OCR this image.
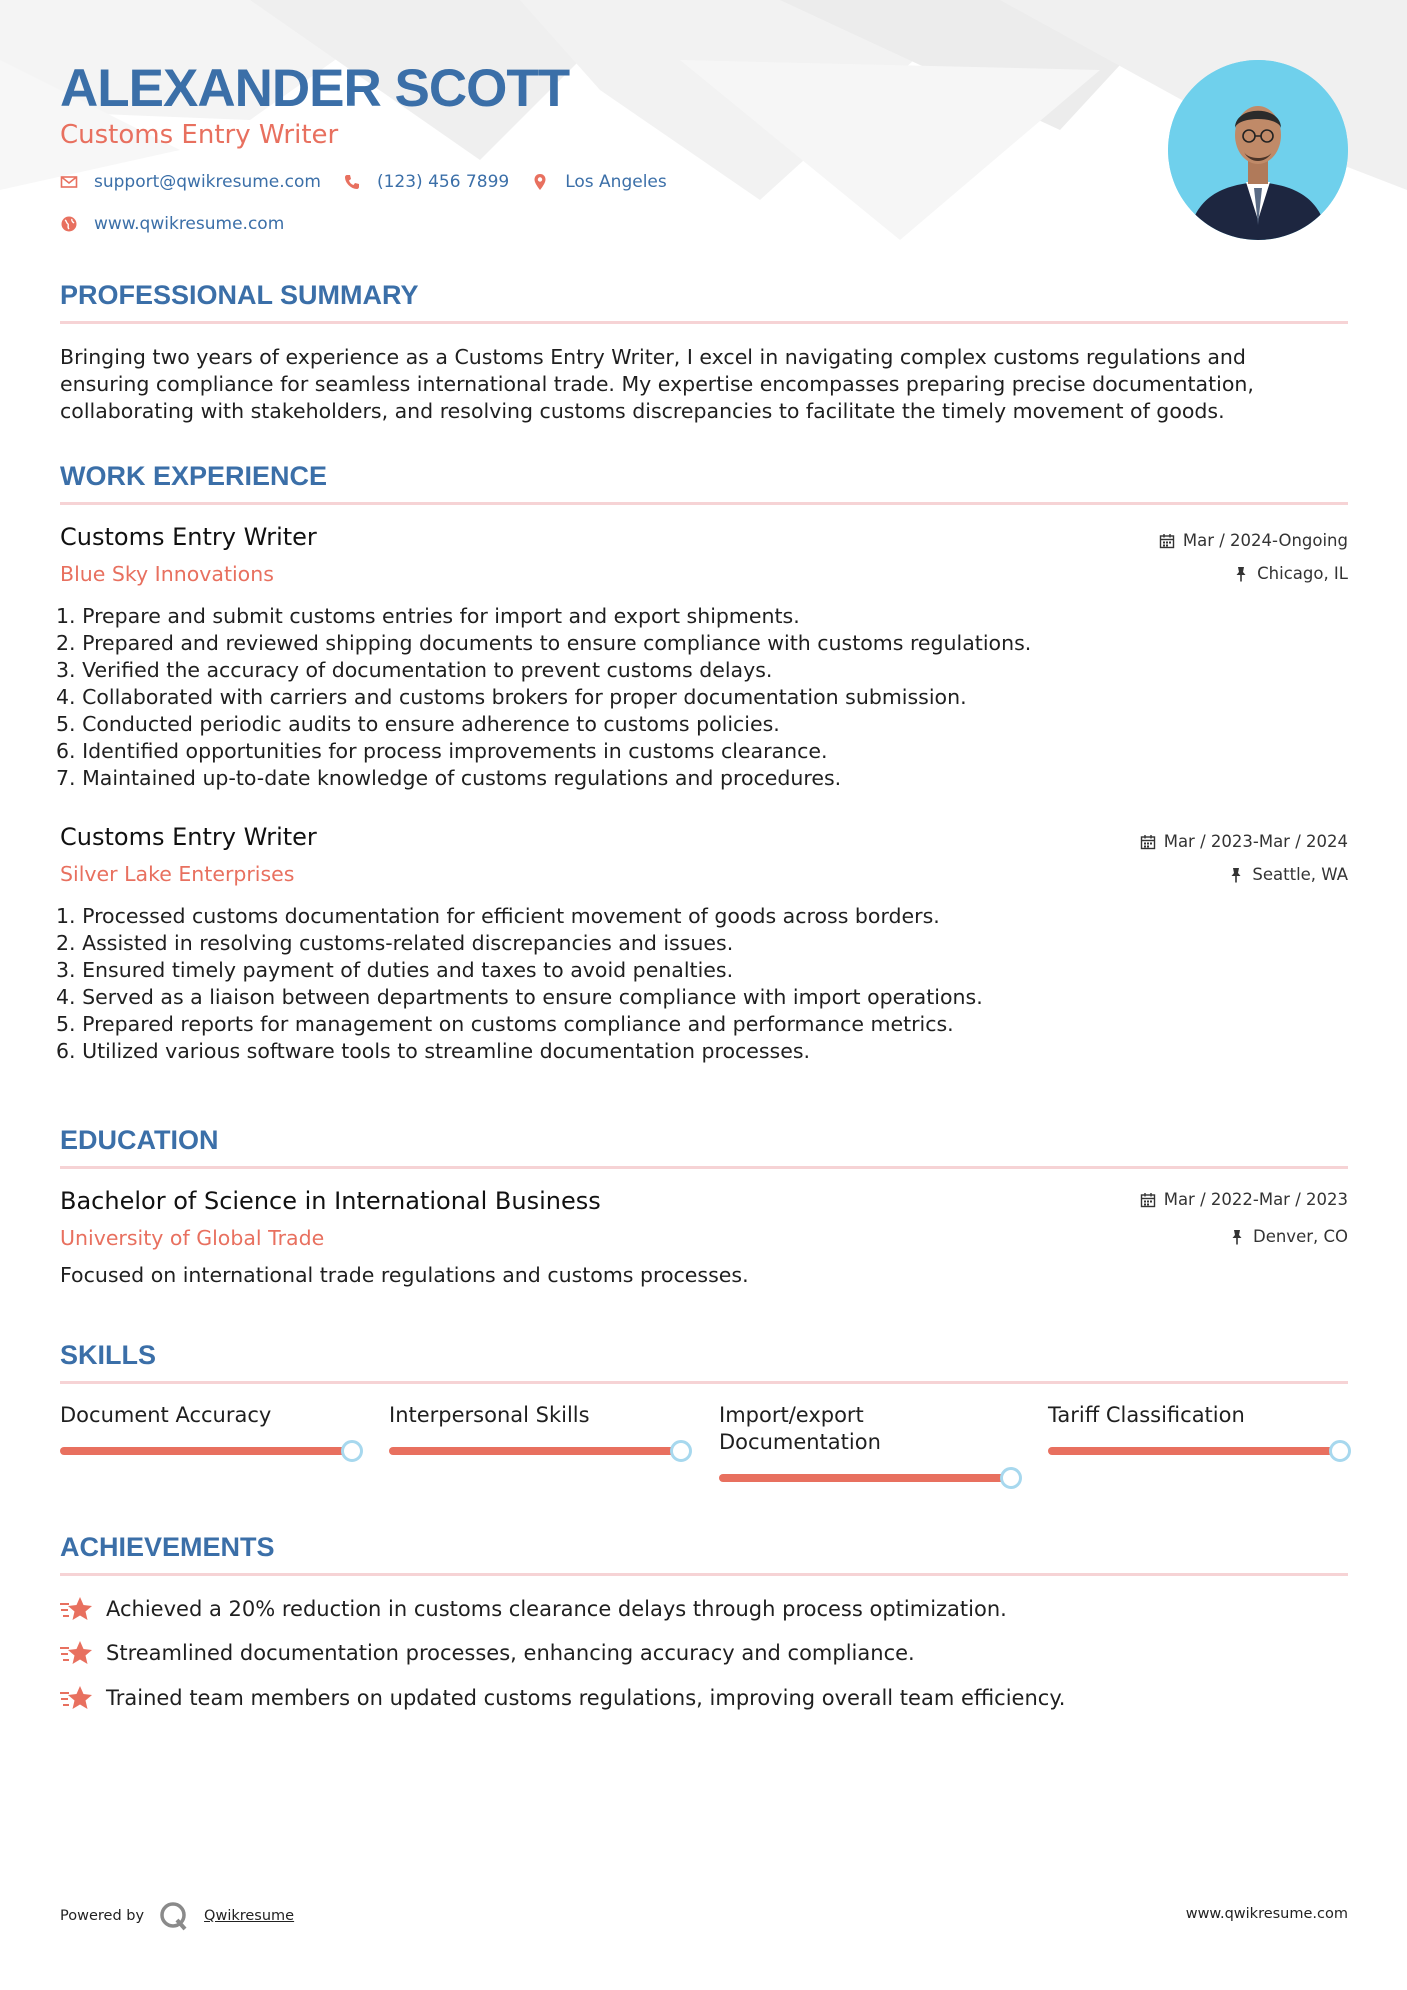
ALEXANDER SCOTT
Customs Entry Writer
support@qwikresume.com	(123) 456 7899	Los Angeles
www.qwikresume.com
PROFESSIONAL SUMMARY
Bringing two years of experience as a Customs Entry Writer, I excel in navigating complex customs regulations and
ensuring compliance for seamless international trade. My expertise encompasses preparing precise documentation,
collaborating with stakeholders, and resolving customs discrepancies to facilitate the timely movement of goods.
WORK EXPERIENCE
Customs Entry Writer
Blue Sky Innovations
Mar / 2024-Ongoing
Chicago, IL
1. Prepare and submit customs entries for import and export shipments.
2. Prepared and reviewed shipping documents to ensure compliance with customs regulations.
3. Verified the accuracy of documentation to prevent customs delays.
4. Collaborated with carriers and customs brokers for proper documentation submission.
5. Conducted periodic audits to ensure adherence to customs policies.
6. Identified opportunities for process improvements in customs clearance.
7. Maintained up-to-date knowledge of customs regulations and procedures.
Customs Entry Writer
Silver Lake Enterprises
Mar / 2023-Mar / 2024
Seattle, WA
1. Processed customs documentation for efficient movement of goods across borders.
2. Assisted in resolving customs-related discrepancies and issues.
3. Ensured timely payment of duties and taxes to avoid penalties.
4. Served as a liaison between departments to ensure compliance with import operations.
5. Prepared reports for management on customs compliance and performance metrics.
6. Utilized various software tools to streamline documentation processes.
EDUCATION
Bachelor of Science in International Business
University of Global Trade
Mar / 2022-Mar / 2023
Denver, CO
Focused on international trade regulations and customs processes.
SKILLS
Document Accuracy	Interpersonal Skills	Import/export
Documentation
Tariff Classification
ACHIEVEMENTS
Achieved a 20% reduction in customs clearance delays through process optimization.
Streamlined documentation processes, enhancing accuracy and compliance.
Trained team members on updated customs regulations, improving overall team efficiency.
Powered by	Qwikresume	www.qwikresume.com
